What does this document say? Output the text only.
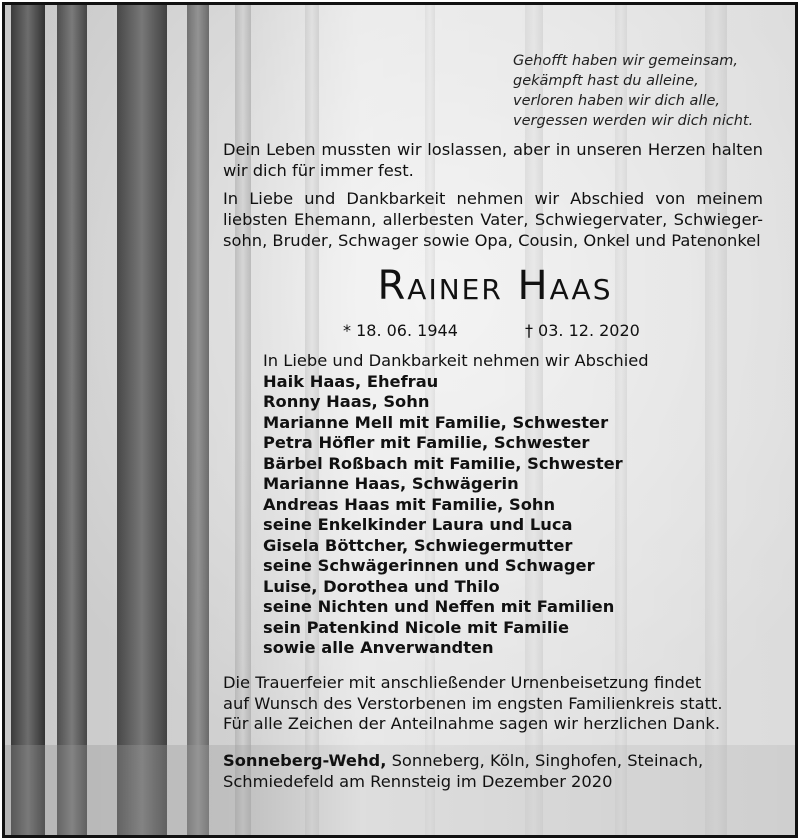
Gehofft haben wir gemeinsam,
gekämpft hast du alleine,
verloren haben wir dich alle,
vergessen werden wir dich nicht.

Dein Leben mussten wir loslassen, aber in unseren Herzen halten wir dich für immer fest.

In Liebe und Dankbarkeit nehmen wir Abschied von meinem liebsten Ehemann, allerbesten Vater, Schwiegervater, Schwieger-sohn, Bruder, Schwager sowie Opa, Cousin, Onkel und Patenonkel

Rainer Haas
* 18. 06. 1944	† 03. 12. 2020
In Liebe und Dankbarkeit nehmen wir Abschied
Haik Haas, Ehefrau
Ronny Haas, Sohn
Marianne Mell mit Familie, Schwester
Petra Höfler mit Familie, Schwester
Bärbel Roßbach mit Familie, Schwester
Marianne Haas, Schwägerin
Andreas Haas mit Familie, Sohn
seine Enkelkinder Laura und Luca
Gisela Böttcher, Schwiegermutter
seine Schwägerinnen und Schwager
Luise, Dorothea und Thilo
seine Nichten und Neffen mit Familien
sein Patenkind Nicole mit Familie
sowie alle Anverwandten
Die Trauerfeier mit anschließender Urnenbeisetzung findet
auf Wunsch des Verstorbenen im engsten Familienkreis statt.
Für alle Zeichen der Anteilnahme sagen wir herzlichen Dank.
Sonneberg-Wehd, Sonneberg, Köln, Singhofen, Steinach,
Schmiedefeld am Rennsteig im Dezember 2020
